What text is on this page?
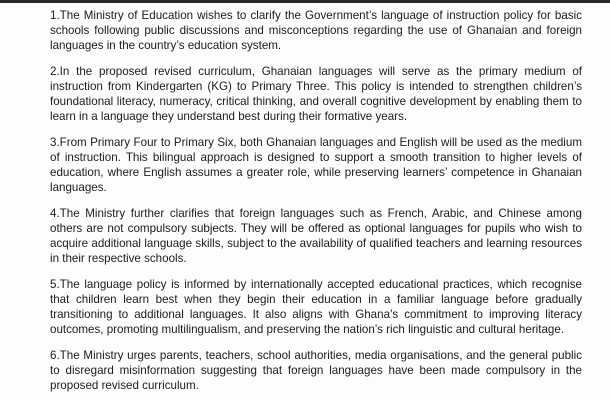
1.The Ministry of Education wishes to clarify the Government’s language of instruction policy for basic schools following public discussions and misconceptions regarding the use of Ghanaian and foreign languages in the country’s education system.

2.In the proposed revised curriculum, Ghanaian languages will serve as the primary medium of instruction from Kindergarten (KG) to Primary Three. This policy is intended to strengthen children’s foundational literacy, numeracy, critical thinking, and overall cognitive development by enabling them to learn in a language they understand best during their formative years.

3.From Primary Four to Primary Six, both Ghanaian languages and English will be used as the medium of instruction. This bilingual approach is designed to support a smooth transition to higher levels of education, where English assumes a greater role, while preserving learners’ competence in Ghanaian languages.

4.The Ministry further clarifies that foreign languages such as French, Arabic, and Chinese among others are not compulsory subjects. They will be offered as optional languages for pupils who wish to acquire additional language skills, subject to the availability of qualified teachers and learning resources in their respective schools.

5.The language policy is informed by internationally accepted educational practices, which recognise that children learn best when they begin their education in a familiar language before gradually transitioning to additional languages. It also aligns with Ghana’s commitment to improving literacy outcomes, promoting multilingualism, and preserving the nation’s rich linguistic and cultural heritage.

6.The Ministry urges parents, teachers, school authorities, media organisations, and the general public to disregard misinformation suggesting that foreign languages have been made compulsory in the proposed revised curriculum.
